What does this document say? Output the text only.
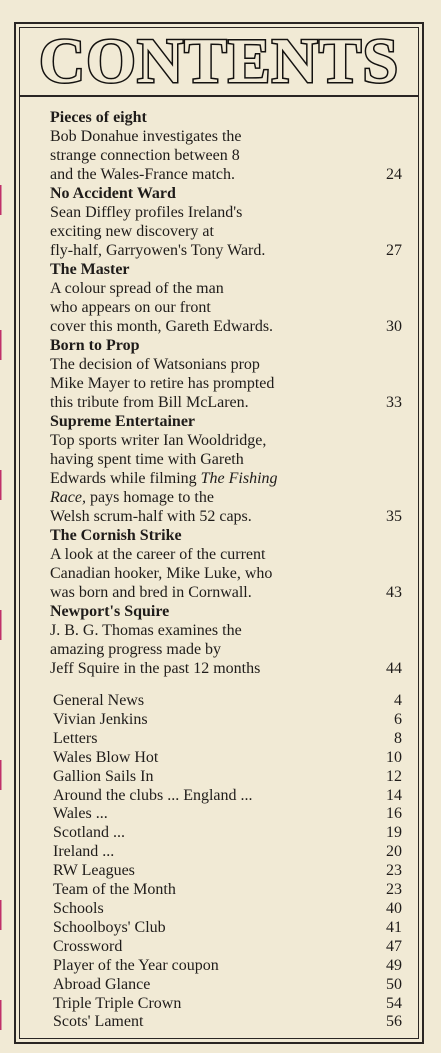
CONTENTS
Pieces of eight
Bob Donahue investigates the
strange connection between 8
and the Wales-France match.	24
No Accident Ward
Sean Diffley profiles Ireland's
exciting new discovery at
fly-half, Garryowen's Tony Ward.	27
The Master
A colour spread of the man
who appears on our front
cover this month, Gareth Edwards.	30
Born to Prop
The decision of Watsonians prop
Mike Mayer to retire has prompted
this tribute from Bill McLaren.	33
Supreme Entertainer
Top sports writer Ian Wooldridge,
having spent time with Gareth
Edwards while filming The Fishing
Race, pays homage to the
Welsh scrum-half with 52 caps.	35
The Cornish Strike
A look at the career of the current
Canadian hooker, Mike Luke, who
was born and bred in Cornwall.	43
Newport's Squire
J. B. G. Thomas examines the
amazing progress made by
Jeff Squire in the past 12 months	44
General News	4
Vivian Jenkins	6
Letters	8
Wales Blow Hot	10
Gallion Sails In	12
Around the clubs ... England ...	14
Wales ...	16
Scotland ...	19
Ireland ...	20
RW Leagues	23
Team of the Month	23
Schools	40
Schoolboys' Club	41
Crossword	47
Player of the Year coupon	49
Abroad Glance	50
Triple Triple Crown	54
Scots' Lament	56
